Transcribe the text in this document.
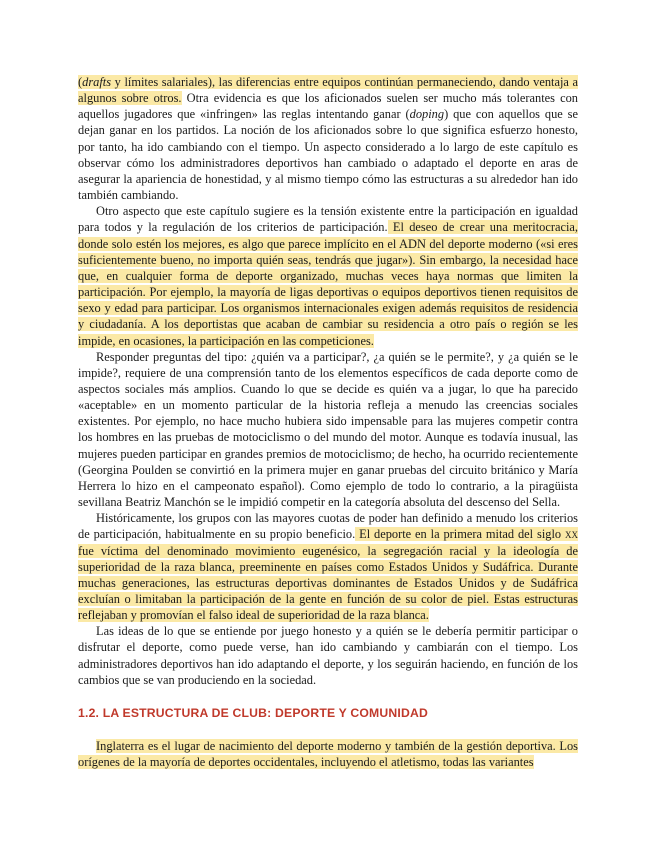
(drafts y límites salariales), las diferencias entre equipos continúan permaneciendo, dando ventaja a algunos sobre otros. Otra evidencia es que los aficionados suelen ser mucho más tolerantes con aquellos jugadores que «infringen» las reglas intentando ganar (doping) que con aquellos que se dejan ganar en los partidos. La noción de los aficionados sobre lo que significa esfuerzo honesto, por tanto, ha ido cambiando con el tiempo. Un aspecto considerado a lo largo de este capítulo es observar cómo los administradores deportivos han cambiado o adaptado el deporte en aras de asegurar la apariencia de honestidad, y al mismo tiempo cómo las estructuras a su alrededor han ido también cambiando.

Otro aspecto que este capítulo sugiere es la tensión existente entre la participación en igualdad para todos y la regulación de los criterios de participación. El deseo de crear una meritocracia, donde solo estén los mejores, es algo que parece implícito en el ADN del deporte moderno («si eres suficientemente bueno, no importa quién seas, tendrás que jugar»). Sin embargo, la necesidad hace que, en cualquier forma de deporte organizado, muchas veces haya normas que limiten la participación. Por ejemplo, la mayoría de ligas deportivas o equipos deportivos tienen requisitos de sexo y edad para participar. Los organismos internacionales exigen además requisitos de residencia y ciudadanía. A los deportistas que acaban de cambiar su residencia a otro país o región se les impide, en ocasiones, la participación en las competiciones.

Responder preguntas del tipo: ¿quién va a participar?, ¿a quién se le permite?, y ¿a quién se le impide?, requiere de una comprensión tanto de los elementos específicos de cada deporte como de aspectos sociales más amplios. Cuando lo que se decide es quién va a jugar, lo que ha parecido «aceptable» en un momento particular de la historia refleja a menudo las creencias sociales existentes. Por ejemplo, no hace mucho hubiera sido impensable para las mujeres competir contra los hombres en las pruebas de motociclismo o del mundo del motor. Aunque es todavía inusual, las mujeres pueden participar en grandes premios de motociclismo; de hecho, ha ocurrido recientemente (Georgina Poulden se convirtió en la primera mujer en ganar pruebas del circuito británico y María Herrera lo hizo en el campeonato español). Como ejemplo de todo lo contrario, a la piragüista sevillana Beatriz Manchón se le impidió competir en la categoría absoluta del descenso del Sella.

Históricamente, los grupos con las mayores cuotas de poder han definido a menudo los criterios de participación, habitualmente en su propio beneficio. El deporte en la primera mitad del siglo xx fue víctima del denominado movimiento eugenésico, la segregación racial y la ideología de superioridad de la raza blanca, preeminente en países como Estados Unidos y Sudáfrica. Durante muchas generaciones, las estructuras deportivas dominantes de Estados Unidos y de Sudáfrica excluían o limitaban la participación de la gente en función de su color de piel. Estas estructuras reflejaban y promovían el falso ideal de superioridad de la raza blanca.

Las ideas de lo que se entiende por juego honesto y a quién se le debería permitir participar o disfrutar el deporte, como puede verse, han ido cambiando y cambiarán con el tiempo. Los administradores deportivos han ido adaptando el deporte, y los seguirán haciendo, en función de los cambios que se van produciendo en la sociedad.

1.2. LA ESTRUCTURA DE CLUB: DEPORTE Y COMUNIDAD

Inglaterra es el lugar de nacimiento del deporte moderno y también de la gestión deportiva. Los orígenes de la mayoría de deportes occidentales, incluyendo el atletismo, todas las variantes
